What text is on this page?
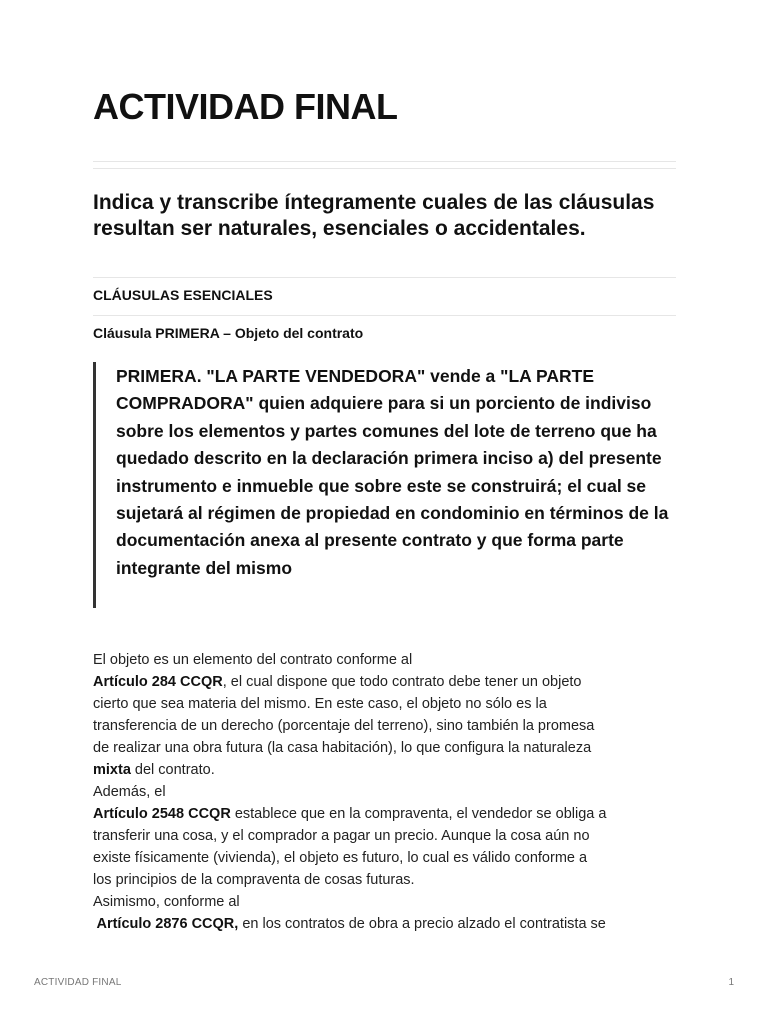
ACTIVIDAD FINAL
Indica y transcribe íntegramente cuales de las cláusulas resultan ser naturales, esenciales o accidentales.
CLÁUSULAS ESENCIALES
Cláusula PRIMERA – Objeto del contrato

PRIMERA. "LA PARTE VENDEDORA" vende a "LA PARTE COMPRADORA" quien adquiere para si un porciento de indiviso sobre los elementos y partes comunes del lote de terreno que ha quedado descrito en la declaración primera inciso a) del presente instrumento e inmueble que sobre este se construirá; el cual se sujetará al régimen de propiedad en condominio en términos de la documentación anexa al presente contrato y que forma parte integrante del mismo

El objeto es un elemento del contrato conforme al
Artículo 284 CCQR, el cual dispone que todo contrato debe tener un objeto
cierto que sea materia del mismo. En este caso, el objeto no sólo es la
transferencia de un derecho (porcentaje del terreno), sino también la promesa
de realizar una obra futura (la casa habitación), lo que configura la naturaleza
mixta del contrato.
Además, el
Artículo 2548 CCQR establece que en la compraventa, el vendedor se obliga a
transferir una cosa, y el comprador a pagar un precio. Aunque la cosa aún no
existe físicamente (vivienda), el objeto es futuro, lo cual es válido conforme a
los principios de la compraventa de cosas futuras.
Asimismo, conforme al
Artículo 2876 CCQR, en los contratos de obra a precio alzado el contratista se
ACTIVIDAD FINAL	1
